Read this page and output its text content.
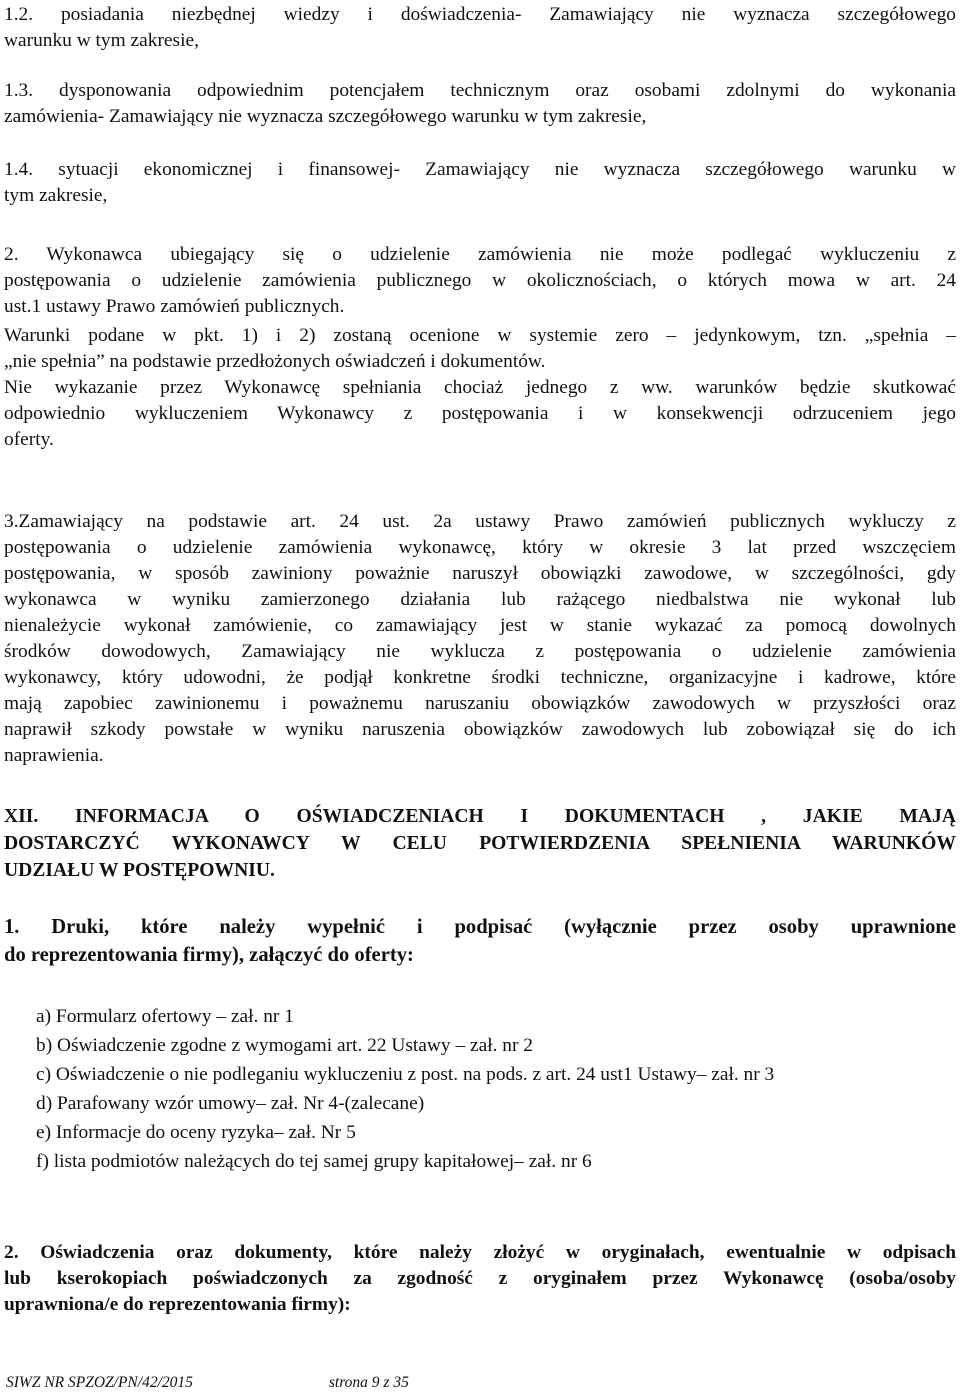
1.2. posiadania niezbędnej wiedzy i doświadczenia- Zamawiający nie wyznacza szczegółowego
warunku w tym zakresie,
1.3. dysponowania odpowiednim potencjałem technicznym oraz osobami zdolnymi do wykonania
zamówienia- Zamawiający nie wyznacza szczegółowego warunku w tym zakresie,
1.4. sytuacji ekonomicznej i finansowej- Zamawiający nie wyznacza szczegółowego warunku w
tym zakresie,
2. Wykonawca ubiegający się o udzielenie zamówienia nie może podlegać wykluczeniu z
postępowania o udzielenie zamówienia publicznego w okolicznościach, o których mowa w art. 24
ust.1 ustawy Prawo zamówień publicznych.
Warunki podane w pkt. 1) i 2) zostaną ocenione w systemie zero – jedynkowym, tzn. „spełnia –
„nie spełnia” na podstawie przedłożonych oświadczeń i dokumentów.
Nie wykazanie przez Wykonawcę spełniania chociaż jednego z ww. warunków będzie skutkować
odpowiednio wykluczeniem Wykonawcy z postępowania i w konsekwencji odrzuceniem jego
oferty.
3.Zamawiający na podstawie art. 24 ust. 2a ustawy Prawo zamówień publicznych wykluczy z
postępowania o udzielenie zamówienia wykonawcę, który w okresie 3 lat przed wszczęciem
postępowania, w sposób zawiniony poważnie naruszył obowiązki zawodowe, w szczególności, gdy
wykonawca w wyniku zamierzonego działania lub rażącego niedbalstwa nie wykonał lub
nienależycie wykonał zamówienie, co zamawiający jest w stanie wykazać za pomocą dowolnych
środków dowodowych, Zamawiający nie wyklucza z postępowania o udzielenie zamówienia
wykonawcy, który udowodni, że podjął konkretne środki techniczne, organizacyjne i kadrowe, które
mają zapobiec zawinionemu i poważnemu naruszaniu obowiązków zawodowych w przyszłości oraz
naprawił szkody powstałe w wyniku naruszenia obowiązków zawodowych lub zobowiązał się do ich
naprawienia.
XII. INFORMACJA O OŚWIADCZENIACH I DOKUMENTACH , JAKIE MAJĄ
DOSTARCZYĆ WYKONAWCY W CELU POTWIERDZENIA SPEŁNIENIA WARUNKÓW
UDZIAŁU W POSTĘPOWNIU.
1. Druki, które należy wypełnić i podpisać (wyłącznie przez osoby uprawnione
do reprezentowania firmy), załączyć do oferty:
a) Formularz ofertowy – zał. nr 1
b) Oświadczenie zgodne z wymogami art. 22 Ustawy – zał. nr 2
c) Oświadczenie o nie podleganiu wykluczeniu z post. na pods. z art. 24 ust1 Ustawy– zał. nr 3
d) Parafowany wzór umowy– zał. Nr 4-(zalecane)
e) Informacje do oceny ryzyka– zał. Nr 5
f) lista podmiotów należących do tej samej grupy kapitałowej– zał. nr 6
2. Oświadczenia oraz dokumenty, które należy złożyć w oryginałach, ewentualnie w odpisach
lub kserokopiach poświadczonych za zgodność z oryginałem przez Wykonawcę (osoba/osoby
uprawniona/e do reprezentowania firmy):
SIWZ NR SPZOZ/PN/42/2015	strona 9 z 35
